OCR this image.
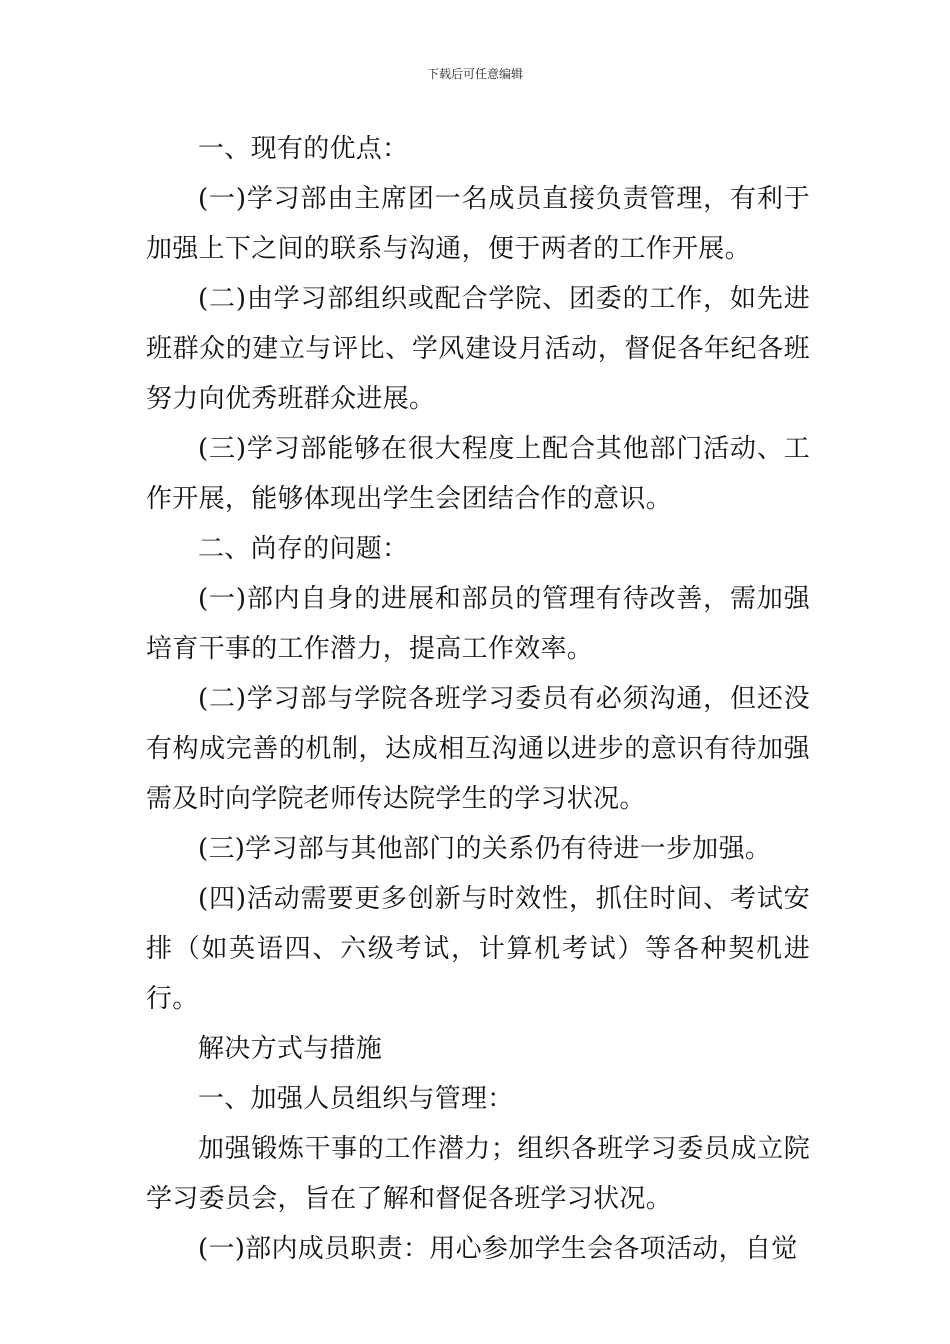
下载后可任意编辑

一、现有的优点：

(一)学习部由主席团一名成员直接负责管理，有利于加强上下之间的联系与沟通，便于两者的工作开展。

(二)由学习部组织或配合学院、团委的工作，如先进班群众的建立与评比、学风建设月活动，督促各年纪各班努力向优秀班群众进展。

(三)学习部能够在很大程度上配合其他部门活动、工作开展，能够体现出学生会团结合作的意识。

二、尚存的问题：

(一)部内自身的进展和部员的管理有待改善，需加强培育干事的工作潜力，提高工作效率。

(二)学习部与学院各班学习委员有必须沟通，但还没有构成完善的机制，达成相互沟通以进步的意识有待加强需及时向学院老师传达院学生的学习状况。

(三)学习部与其他部门的关系仍有待进一步加强。

(四)活动需要更多创新与时效性，抓住时间、考试安排（如英语四、六级考试，计算机考试）等各种契机进行。

解决方式与措施

一、加强人员组织与管理：

加强锻炼干事的工作潜力；组织各班学习委员成立院学习委员会，旨在了解和督促各班学习状况。

(一)部内成员职责：用心参加学生会各项活动，自觉
